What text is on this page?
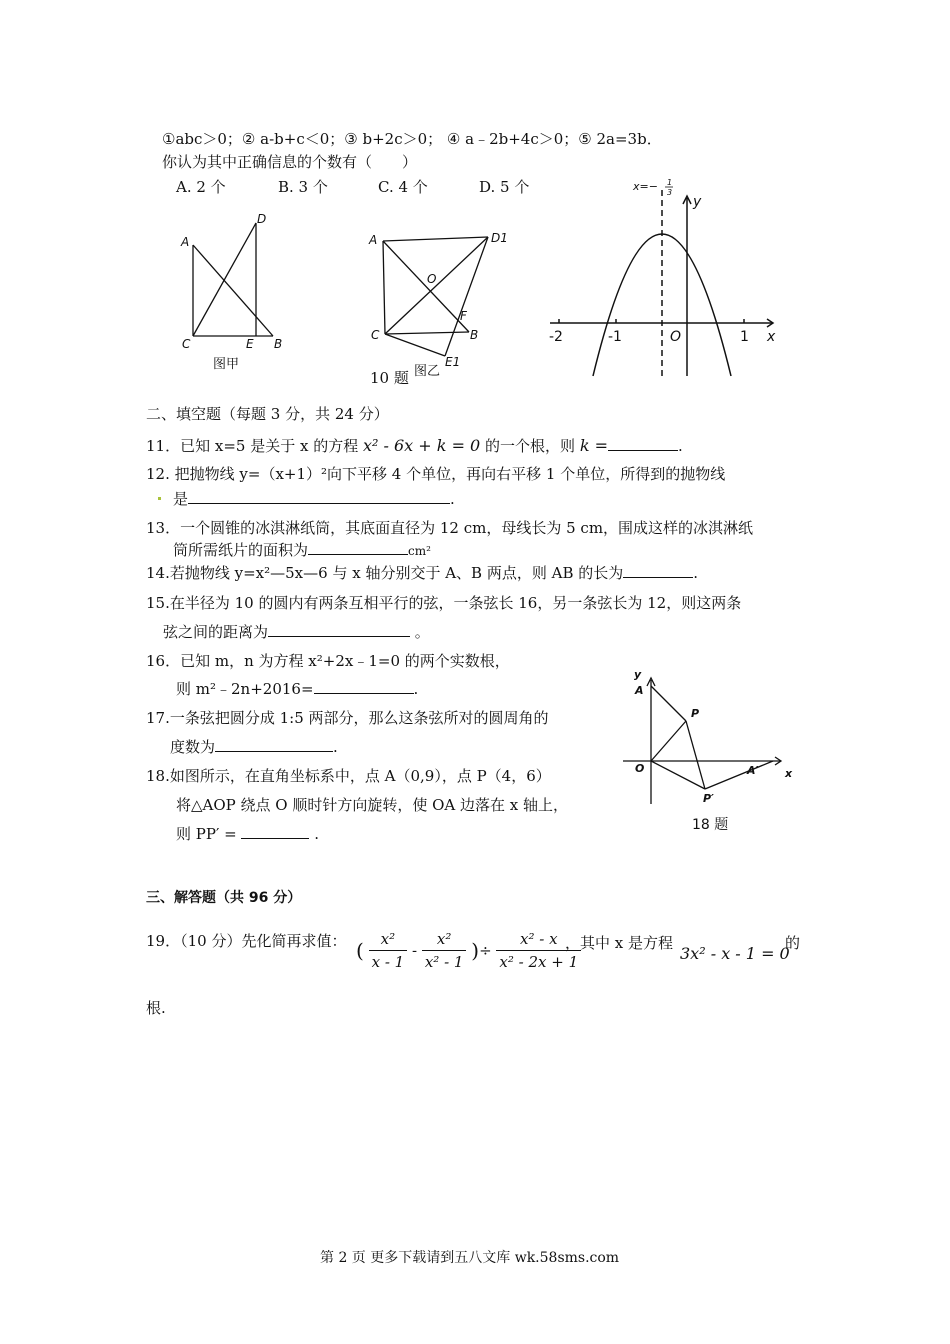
①abc＞0；② a-b+c＜0；③ b+2c＞0； ④ a﹣2b+4c＞0；⑤ 2a=3b．
你认为其中正确信息的个数有（　　）
A. 2 个	B. 3 个	C. 4 个	D. 5 个
A
D
C	E B
图甲
A	D1
O
F
C	B
E1
图乙
10 题
-2	-1	O	1 x
y
x=− 1
3
二、填空题（每题 3 分，共 24 分）
11．已知 x=5 是关于 x 的方程 x² - 6x + k = 0 的一个根，则 k =	.
12. 把抛物线 y=（x+1）²向下平移 4 个单位，再向右平移 1 个单位，所得到的抛物线
是	.
13．一个圆锥的冰淇淋纸筒，其底面直径为 12 cm，母线长为 5 cm，围成这样的冰淇淋纸
筒所需纸片的面积为	cm²
14.若抛物线 y=x²—5x—6 与 x 轴分别交于 A、B 两点，则 AB 的长为	.
15.在半径为 10 的圆内有两条互相平行的弦，一条弦长 16，另一条弦长为 12，则这两条
弦之间的距离为	。
16．已知 m，n 为方程 x²+2x﹣1=0 的两个实数根，
则 m²﹣2n+2016=	.
17.一条弦把圆分成 1:5 两部分，那么这条弦所对的圆周角的
度数为	.
18.如图所示，在直角坐标系中，点 A（0,9），点 P（4，6）
将△AOP 绕点 O 顺时针方向旋转，使 OA 边落在 x 轴上，
则 PP′ =	.
y
A
P
O	A′ x
P′
18 题
三、解答题（共 96 分）
19．（10 分）先化简再求值： ( $\frac{\text{x²}}{x - 1} - \frac{\text{x²}}{\text{x² - 1}}$ )÷ $\frac{\text{x² - x}}{\text{x² - 2x + 1}}$
，其中 x 是方程
3x² - x - 1 = 0
的
根.
第 2 页 更多下载请到五八文库 wk.58sms.com
